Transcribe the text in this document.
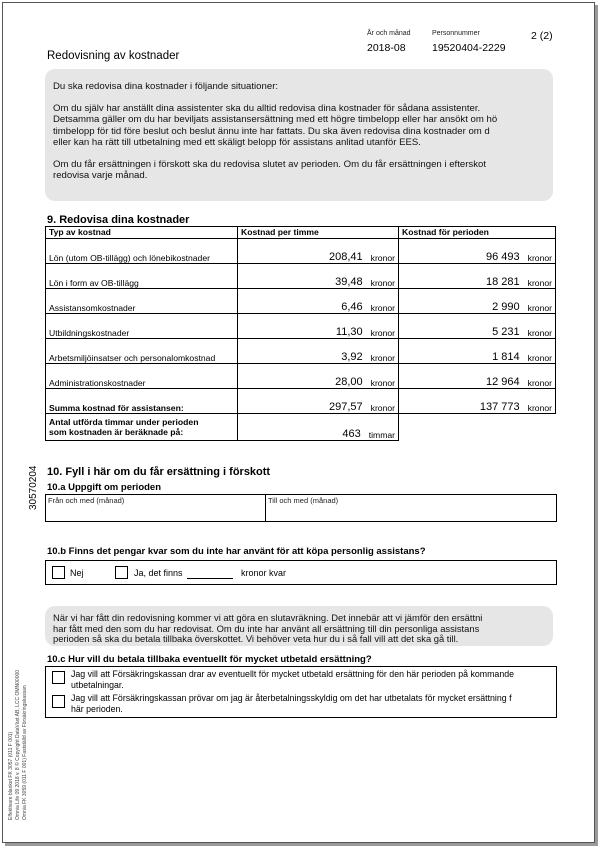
År och månad
2018-08
Personnummer
19520404-2229
2 (2)
Redovisning av kostnader

Du ska redovisa dina kostnader i följande situationer:

Om du själv har anställt dina assistenter ska du alltid redovisa dina kostnader för sådana assistenter.
Detsamma gäller om du har beviljats assistansersättning med ett högre timbelopp eller har ansökt om hö
timbelopp för tid före beslut och beslut ännu inte har fattats. Du ska även redovisa dina kostnader om d
eller kan ha rätt till utbetalning med ett skäligt belopp för assistans anlitad utanför EES.

Om du får ersättningen i förskott ska du redovisa slutet av perioden. Om du får ersättningen i efterskot
redovisa varje månad.

9. Redovisa dina kostnader
Typ av kostnad	Kostnad per timme	Kostnad för perioden
Lön (utom OB-tillägg) och lönebikostnader	208,41 kronor	96 493 kronor

Lön i form av OB-tillägg	39,48 kronor	18 281 kronor

Assistansomkostnader	6,46 kronor	2 990 kronor

Utbildningskostnader	11,30 kronor	5 231 kronor

Arbetsmiljöinsatser och personalomkostnad	3,92 kronor	1 814 kronor

Administrationskostnader	28,00 kronor	12 964 kronor

Summa kostnad för assistansen:	297,57 kronor	137 773 kronor

Antal utförda timmar under perioden
som kostnaden är beräknade på:	463 timmar	

30570204 10. Fyll i här om du får ersättning i förskott
10.a Uppgift om perioden
Från och med (månad)	Till och med (månad)
10.b Finns det pengar kvar som du inte har använt för att köpa personlig assistans?
Nej	Ja, det finns	kronor kvar
När vi har fått din redovisning kommer vi att göra en slutavräkning. Det innebär att vi jämför den ersättni
har fått med den som du har redovisat. Om du inte har använt all ersättning till din personliga assistans
perioden så ska du betala tillbaka överskottet. Vi behöver veta hur du i så fall vill att det ska gå till.
10.c Hur vill du betala tillbaka eventuellt för mycket utbetald ersättning?
Jag vill att Försäkringskassan drar av eventuellt för mycket utbetald ersättning för den här perioden på kommande
utbetalningar.
Jag vill att Försäkringskassan prövar om jag är återbetalningsskyldig om det har utbetalats för mycket ersättning f
här perioden.
Effektivare blanket FK 3057 (011 F 001) Omnia Life 09 2018 v. 8 © Copyright DataVäxt AB, LCC OMN00000 Omnia FK 3059 (011 F 001) Fastställd av Försäkringskassan
